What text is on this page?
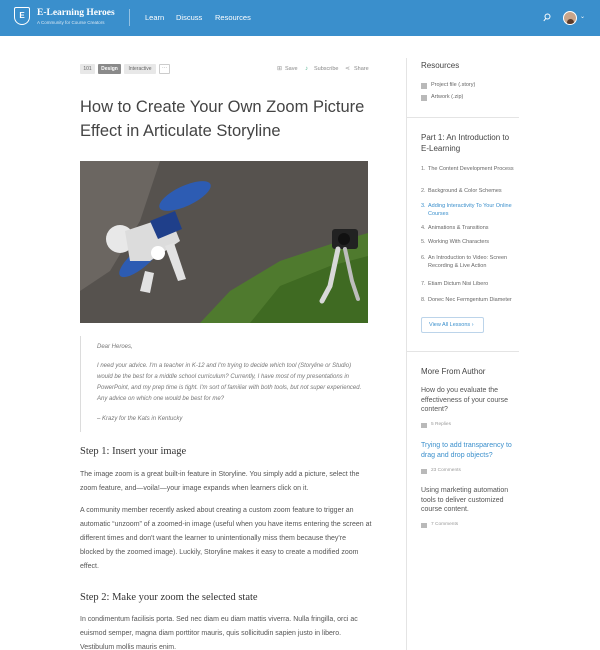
E	E-Learning Heroes
A Community for Course Creators
Learn Discuss Resources	⌄
101	Design	Interactive	···	⊞ Save ♪ Subscribe ⋖ Share
How to Create Your Own Zoom Picture Effect in Articulate Storyline
Dear Heroes,
I need your advice. I'm a teacher in K-12 and I'm trying to decide which tool (Storyline or Studio) would be the best for a middle school curriculum? Currently, I have most of my presentations in PowerPoint, and my prep time is tight. I'm sort of familiar with both tools, but not super experienced. Any advice on which one would be best for me?
– Krazy for the Kats in Kentucky
Step 1: Insert your image
The image zoom is a great built-in feature in Storyline. You simply add a picture, select the zoom feature, and—voila!—your image expands when learners click on it.
A community member recently asked about creating a custom zoom feature to trigger an automatic “unzoom” of a zoomed-in image (useful when you have items entering the screen at different times and don't want the learner to unintentionally miss them because they're blocked by the zoomed image). Luckily, Storyline makes it easy to create a modified zoom effect.
Step 2: Make your zoom the selected state
In condimentum facilisis porta. Sed nec diam eu diam mattis viverra. Nulla fringilla, orci ac euismod semper, magna diam porttitor mauris, quis sollicitudin sapien justo in libero. Vestibulum mollis mauris enim.
Resources
Project file (.story)
Artwork (.zip)
Part 1: An Introduction to E-Learning
1. The Content Development Process
2. Background & Color Schemes
3. Adding Interactivity To Your Online Courses
4. Animations & Transitions
5. Working With Characters
6. An Introduction to Video: Screen Recording & Live Action
7. Etiam Dictum Nisi Libero
8. Donec Nec Fermgentum Diameter
View All Lessons ›
More From Author
How do you evaluate the effectiveness of your course content?
5 Replies
Trying to add transparency to drag and drop objects?
23 Comments
Using marketing automation tools to deliver customized course content.
7 Comments
